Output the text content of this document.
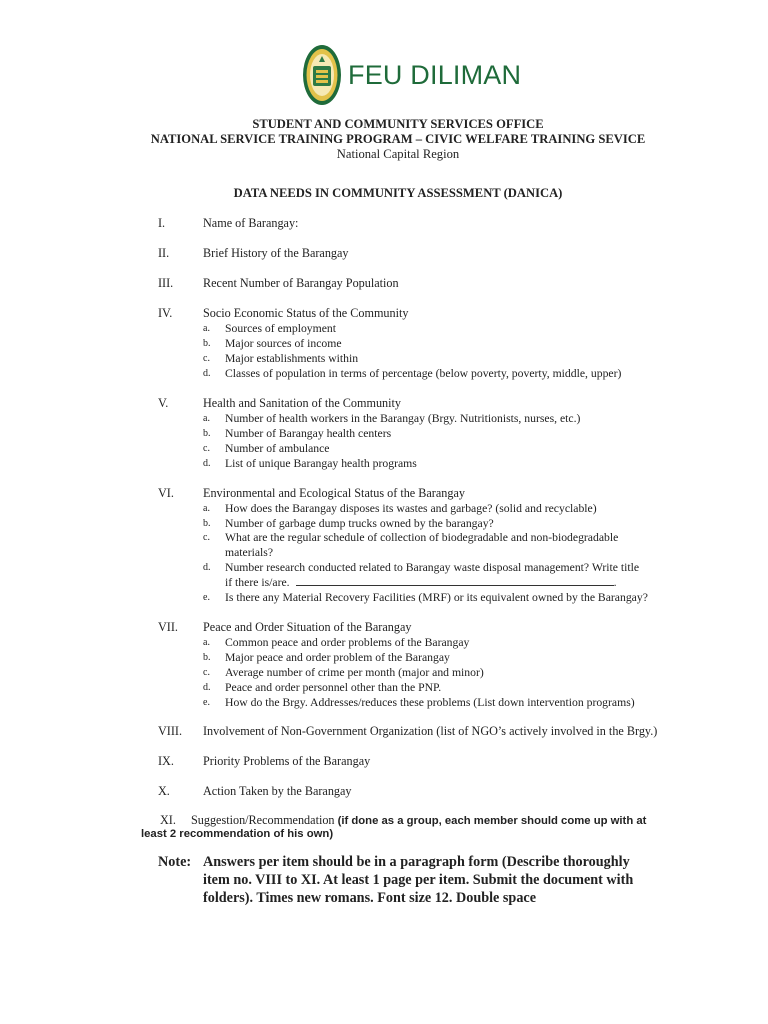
FEU DILIMAN
STUDENT AND COMMUNITY SERVICES OFFICE
NATIONAL SERVICE TRAINING PROGRAM – CIVIC WELFARE TRAINING SEVICE
National Capital Region
DATA NEEDS IN COMMUNITY ASSESSMENT (DANICA)
I.	Name of Barangay:
II.	Brief History of the Barangay
III.	Recent Number of Barangay Population
IV.	Socio Economic Status of the Community
a. Sources of employment
b. Major sources of income
c. Major establishments within
d. Classes of population in terms of percentage (below poverty, poverty, middle, upper)
V.	Health and Sanitation of the Community
a. Number of health workers in the Barangay (Brgy. Nutritionists, nurses, etc.)
b. Number of Barangay health centers
c. Number of ambulance
d. List of unique Barangay health programs
VI.	Environmental and Ecological Status of the Barangay
a. How does the Barangay disposes its wastes and garbage? (solid and recyclable)
b. Number of garbage dump trucks owned by the barangay?
c. What are the regular schedule of collection of biodegradable and non-biodegradable
materials?
d. Number research conducted related to Barangay waste disposal management? Write title
if there is/are.	.
e. Is there any Material Recovery Facilities (MRF) or its equivalent owned by the Barangay?
VII.	Peace and Order Situation of the Barangay
a. Common peace and order problems of the Barangay
b. Major peace and order problem of the Barangay
c. Average number of crime per month (major and minor)
d. Peace and order personnel other than the PNP.
e. How do the Brgy. Addresses/reduces these problems (List down intervention programs)
VIII.	Involvement of Non-Government Organization (list of NGO’s actively involved in the Brgy.)
IX.	Priority Problems of the Barangay
X.	Action Taken by the Barangay
XI.	Suggestion/Recommendation (if done as a group, each member should come up with at
least 2 recommendation of his own)
Note: Answers per item should be in a paragraph form (Describe thoroughly
item no. VIII to XI. At least 1 page per item. Submit the document with
folders). Times new romans. Font size 12. Double space
